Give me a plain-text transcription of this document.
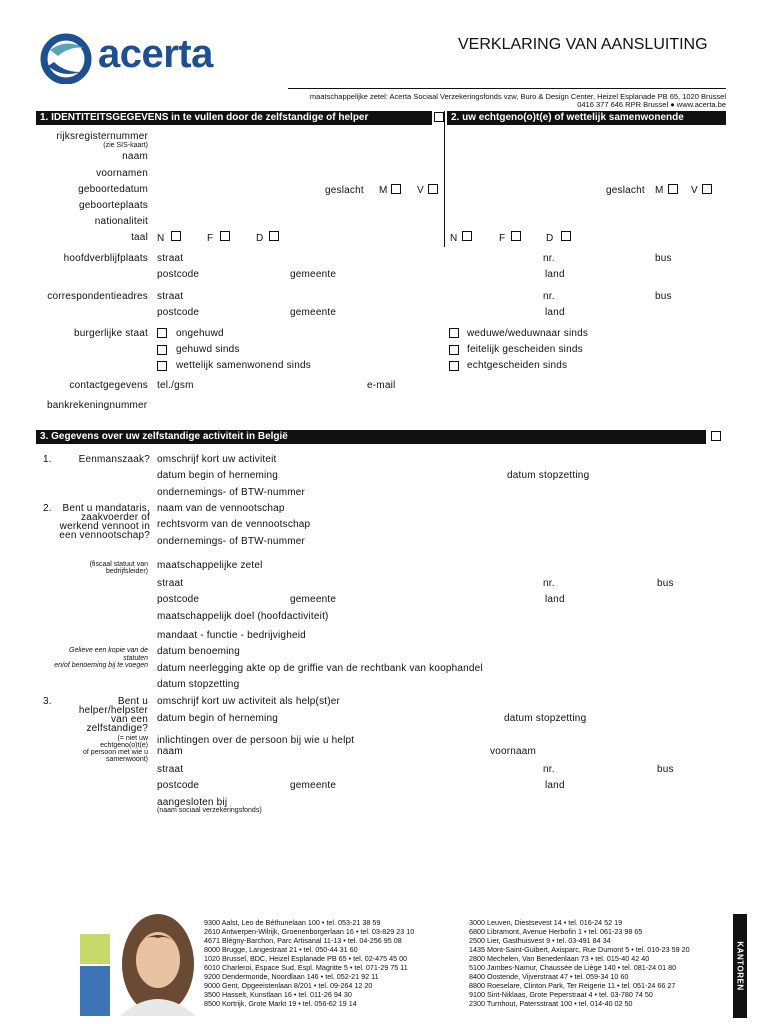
acerta	VERKLARING VAN AANSLUITING
maatschappelijke zetel: Acerta Sociaal Verzekeringsfonds vzw, Buro & Design Center, Heizel Esplanade PB 65, 1020 Brussel
0416 377 646 RPR Brussel ● www.acerta.be
1. IDENTITEITSGEGEVENS in te vullen door de zelfstandige of helper	2. uw echtgeno(o)t(e) of wettelijk samenwonende
rijksregisternummer
(zie SIS-kaart)
naam
voornamen
geboortedatum
geboorteplaats
nationaliteit
taal
geslacht M	V	geslacht M	V
N	F	D	N	F	D
hoofdverblijfplaats straat	nr.	bus
postcode	gemeente	land
correspondentieadres straat	nr.	bus
postcode	gemeente	land
burgerlijke staat	ongehuwd
gehuwd sinds
wettelijk samenwonend sinds
weduwe/weduwnaar sinds
feitelijk gescheiden sinds
echtgescheiden sinds
contactgegevens tel./gsm	e-mail
bankrekeningnummer
3. Gegevens over uw zelfstandige activiteit in België
1.	Eenmanszaak? omschrijf kort uw activiteit
datum begin of herneming	datum stopzetting
ondernemings- of BTW-nummer
2. Bent u mandataris,
zaakvoerder of
werkend vennoot in
een vennootschap?
naam van de vennootschap
rechtsvorm van de vennootschap
ondernemings- of BTW-nummer
(fiscaal statuut van
bedrijfsleider)
maatschappelijke zetel
straat	nr.	bus
postcode	gemeente	land
maatschappelijk doel (hoofdactiviteit)
mandaat - functie - bedrijvigheid
Gelieve een kopie van de
statuten
en/of benoeming bij te voegen
datum benoeming
datum neerlegging akte op de griffie van de rechtbank van koophandel
datum stopzetting
3.	Bent u
helper/helpster
van een
zelfstandige?
omschrijf kort uw activiteit als help(st)er
datum begin of herneming	datum stopzetting
(= niet uw
echtgeno(o)t(e)
of persoon met wie u
samenwoont)
inlichtingen over de persoon bij wie u helpt
naam	voornaam
straat	nr.	bus
postcode	gemeente	land
aangesloten bij
(naam sociaal verzekeringsfonds)
9300 Aalst, Leo de Béthunelaan 100 • tel. 053-21 38 59
2610 Antwerpen-Wilrijk, Groenenborgerlaan 16 • tel. 03-829 23 10
4671 Blégny-Barchon, Parc Artisanal 11-13 • tel. 04-256 95 08
8000 Brugge, Langestraat 21 • tel. 050-44 31 60
1020 Brussel, BDC, Heizel Esplanade PB 65 • tel. 02-475 45 00
6010 Charleroi, Espace Sud, Espl. Magritte 5 • tel. 071-29 75 11
9200 Dendermonde, Noordlaan 146 • tel. 052-21 92 11
9000 Gent, Opgeeistenlaan 8/201 • tel. 09-264 12 20
3500 Hasselt, Kunstlaan 16 • tel. 011-26 94 30
8500 Kortrijk, Grote Markt 19 • tel. 056-62 19 14
3000 Leuven, Diestsevest 14 • tel. 016-24 52 19
6800 Libramont, Avenue Herbofin 1 • tel. 061-23 98 65
2500 Lier, Gasthuisvest 9 • tel. 03-491 84 34
1435 Mont-Saint-Guibert, Axisparc, Rue Dumont 5 • tel. 010-23 59 20
2800 Mechelen, Van Benedenlaan 73 • tel. 015-40 42 40
5100 Jambes-Namur, Chaussée de Liège 140 • tel. 081-24 01 80
8400 Oostende, Vijverstraat 47 • tel. 059-34 10 60
8800 Roeselare, Clinton Park, Ter Reigerie 11 • tel. 051-24 66 27
9100 Sint-Niklaas, Grote Peperstraat 4 • tel. 03-780 74 50
2300 Turnhout, Patersstraat 100 • tel. 014-40 02 50
KANTOREN
